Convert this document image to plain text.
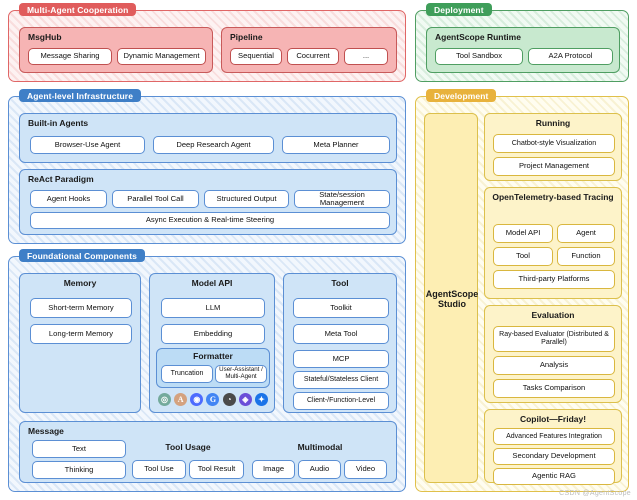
Multi-Agent Cooperation
MsgHub
Message Sharing	Dynamic Management
Pipeline
Sequential	Cocurrent	...
Deployment
AgentScope Runtime
Tool Sandbox	A2A Protocol
Agent-level Infrastructure
Built-in Agents
Browser-Use Agent	Deep Research Agent	Meta Planner
ReAct Paradigm
Agent Hooks	Parallel Tool Call	Structured Output	State/session Management
Async Execution & Real-time Steering
Foundational Components
Memory
Short-term Memory
Long-term Memory
Model API
LLM
Embedding
Formatter
Truncation
User-Assistant / Multi-Agent
◎	A	◉	G	◔	◈	✦
Tool
Toolkit
Meta Tool
MCP
Stateful/Stateless Client
Client-/Function-Level
Message
Text
Thinking
Tool Usage
Tool Use	Tool Result
Multimodal
Image	Audio	Video
Development
AgentScope Studio
Running
Chatbot-style Visualization
Project Management
OpenTelemetry-based Tracing
Model API	Agent
Tool	Function
Third-party Platforms
Evaluation
Ray-based Evaluator (Distributed & Parallel)
Analysis
Tasks Comparison
Copilot—Friday!
Advanced Features Integration
Secondary Development
Agentic RAG
CSDN @AgentScope
